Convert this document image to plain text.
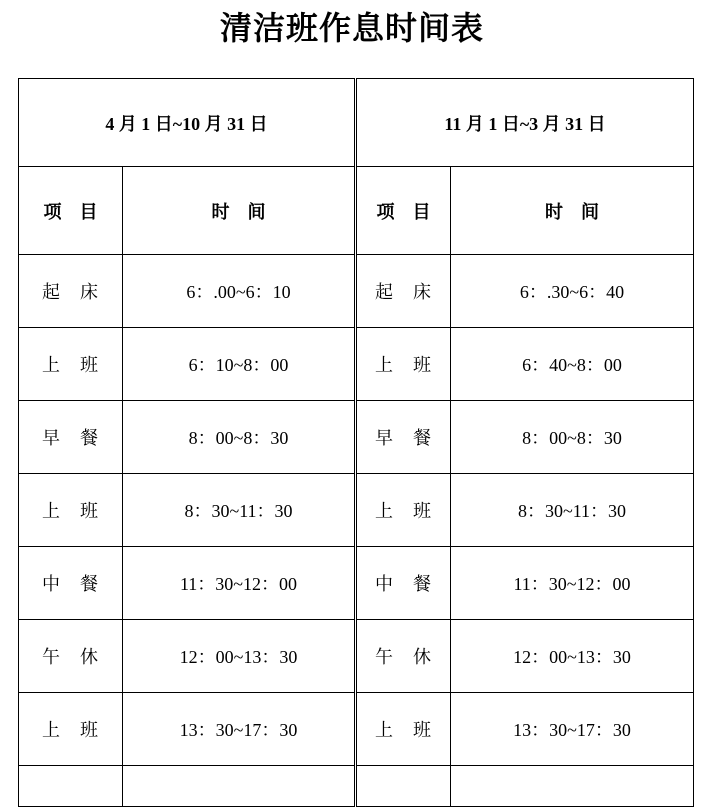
清洁班作息时间表
4 月 1 日~10 月 31 日		11 月 1 日~3 月 31 日	
项　目	时　间	项　目	时　间
起　床	6：.00~6：10	起　床	6：.30~6：40
上　班	6：10~8：00	上　班	6：40~8：00
早　餐	8：00~8：30	早　餐	8：00~8：30
上　班	8：30~11：30	上　班	8：30~11：30
中　餐	11：30~12：00	中　餐	11：30~12：00
午　休	12：00~13：30	午　休	12：00~13：30
上　班	13：30~17：30	上　班	13：30~17：30
